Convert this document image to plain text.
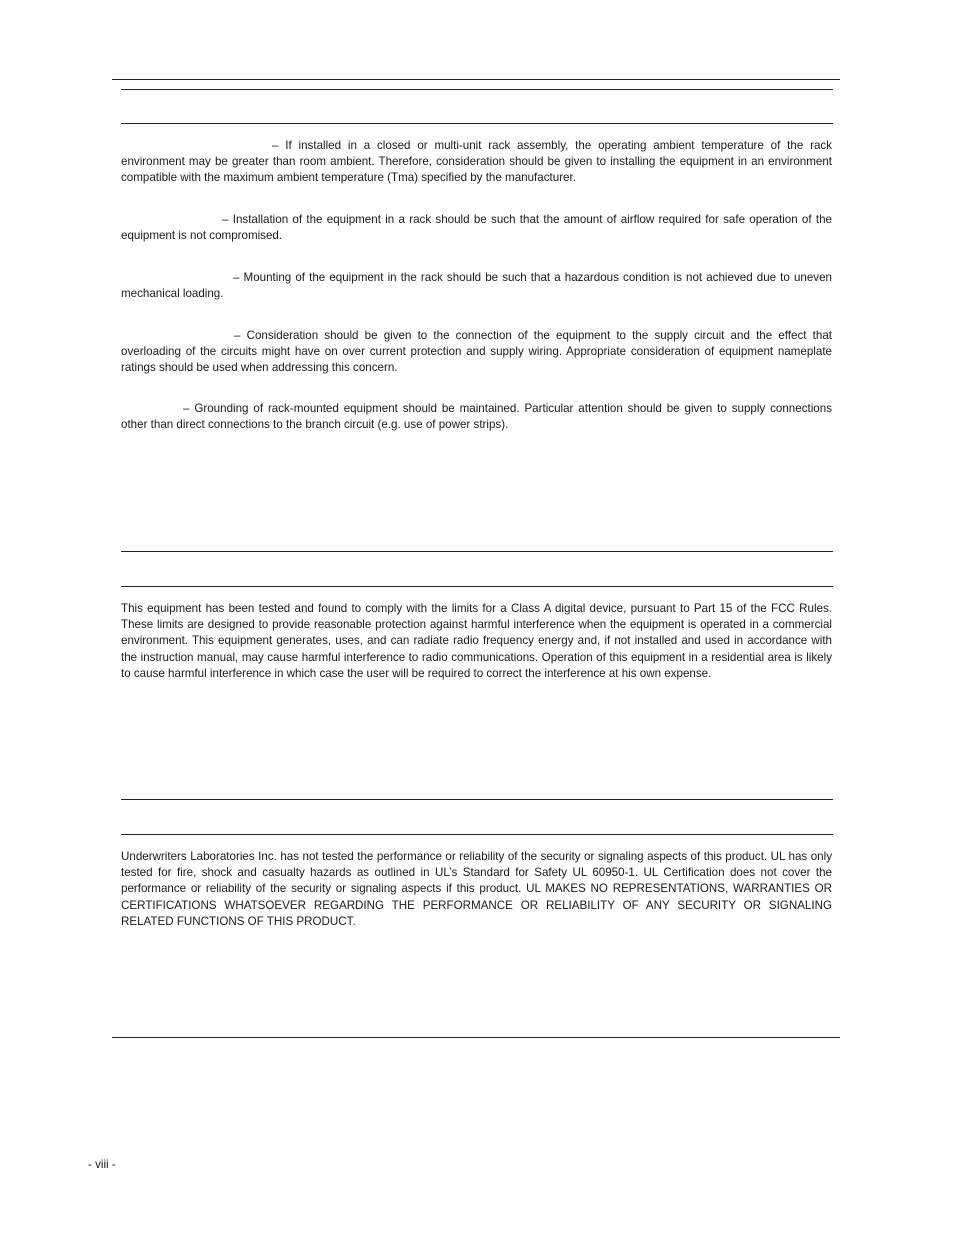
– If installed in a closed or multi-unit rack assembly, the operating ambient temperature of the rack environment may be greater than room ambient. Therefore, consideration should be given to installing the equipment in an environment compatible with the maximum ambient temperature (Tma) specified by the manufacturer.

– Installation of the equipment in a rack should be such that the amount of airflow required for safe operation of the equipment is not compromised.

– Mounting of the equipment in the rack should be such that a hazardous condition is not achieved due to uneven mechanical loading.

– Consideration should be given to the connection of the equipment to the supply circuit and the effect that overloading of the circuits might have on over current protection and supply wiring. Appropriate consideration of equipment nameplate ratings should be used when addressing this concern.

– Grounding of rack-mounted equipment should be maintained. Particular attention should be given to supply connections other than direct connections to the branch circuit (e.g. use of power strips).

This equipment has been tested and found to comply with the limits for a Class A digital device, pursuant to Part 15 of the FCC Rules. These limits are designed to provide reasonable protection against harmful interference when the equipment is operated in a commercial environment. This equipment generates, uses, and can radiate radio frequency energy and, if not installed and used in accordance with the instruction manual, may cause harmful interference to radio communications. Operation of this equipment in a residential area is likely to cause harmful interference in which case the user will be required to correct the interference at his own expense.

Underwriters Laboratories Inc. has not tested the performance or reliability of the security or signaling aspects of this product. UL has only tested for fire, shock and casualty hazards as outlined in UL’s Standard for Safety UL 60950-1. UL Certification does not cover the performance or reliability of the security or signaling aspects if this product. UL MAKES NO REPRESENTATIONS, WARRANTIES OR CERTIFICATIONS WHATSOEVER REGARDING THE PERFORMANCE OR RELIABILITY OF ANY SECURITY OR SIGNALING RELATED FUNCTIONS OF THIS PRODUCT.

- viii -
